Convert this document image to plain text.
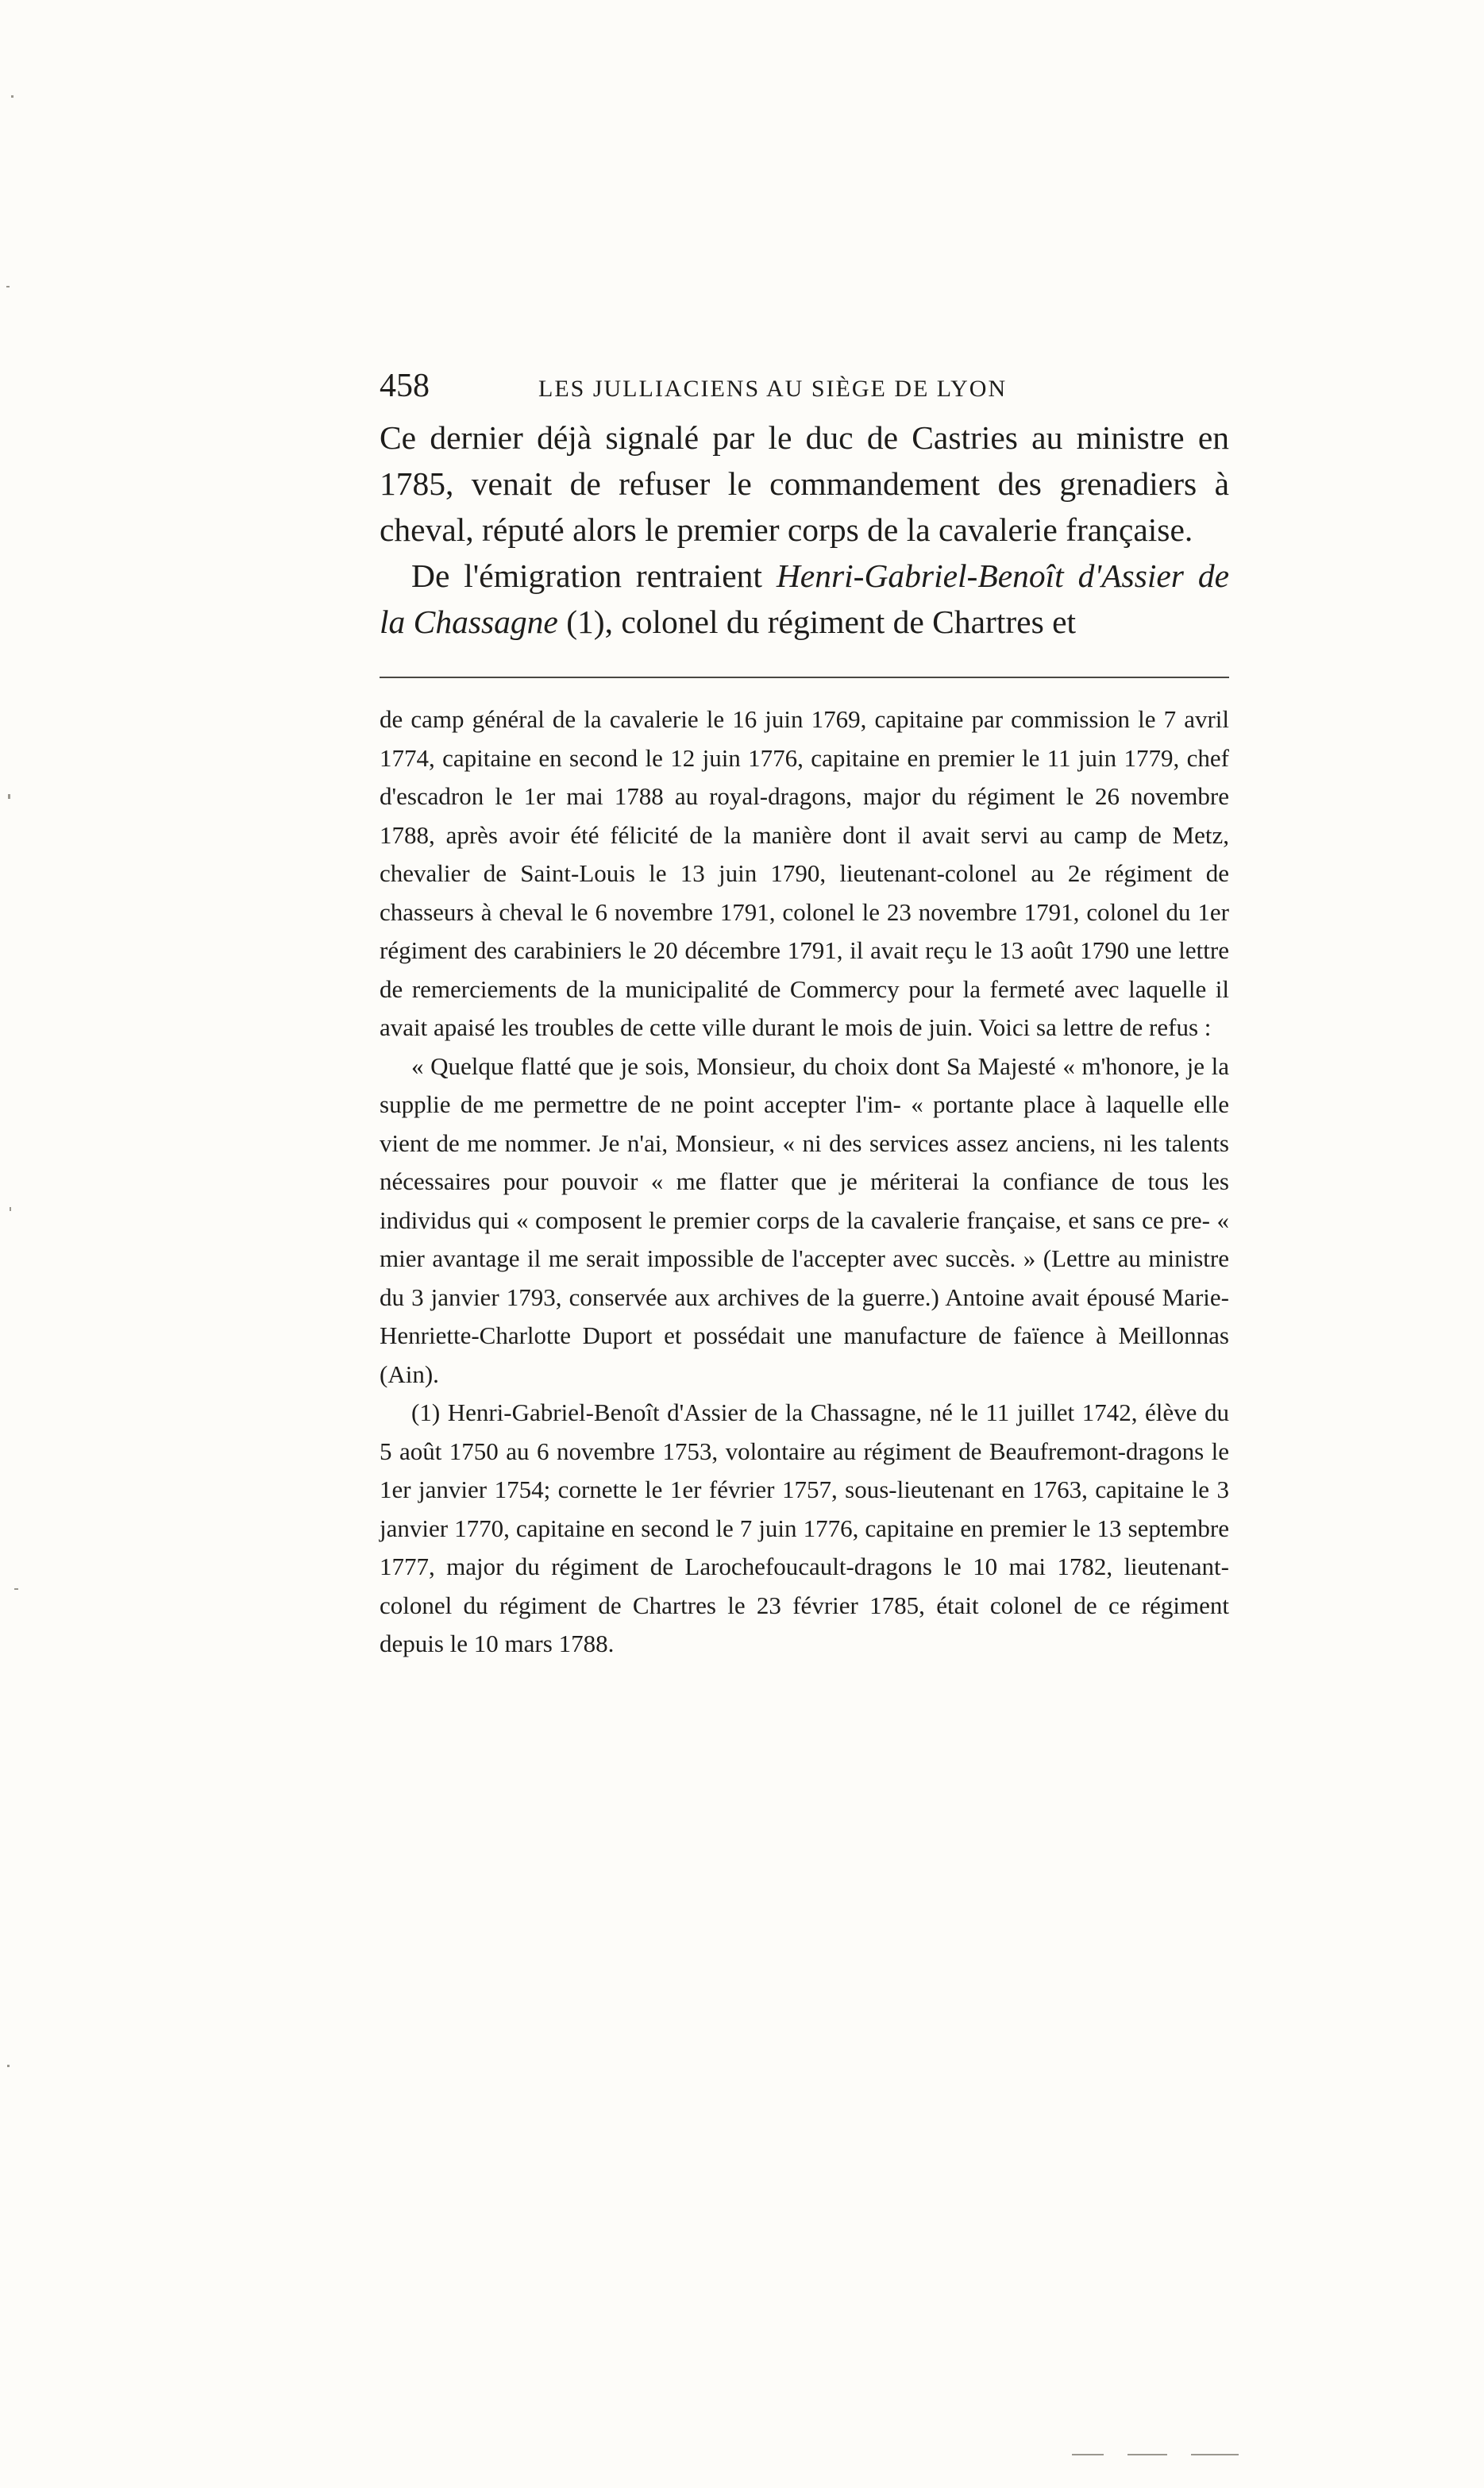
458	LES JULLIACIENS AU SIÈGE DE LYON

Ce dernier déjà signalé par le duc de Castries au ministre en 1785, venait de refuser le commandement des grenadiers à cheval, réputé alors le premier corps de la cavalerie française.

De l'émigration rentraient Henri-Gabriel-Benoît d'Assier de la Chassagne (1), colonel du régiment de Chartres et

de camp général de la cavalerie le 16 juin 1769, capitaine par commission le 7 avril 1774, capitaine en second le 12 juin 1776, capitaine en premier le 11 juin 1779, chef d'escadron le 1er mai 1788 au royal-dragons, major du régiment le 26 novembre 1788, après avoir été félicité de la manière dont il avait servi au camp de Metz, chevalier de Saint-Louis le 13 juin 1790, lieutenant-colonel au 2e régiment de chasseurs à cheval le 6 novembre 1791, colonel le 23 novembre 1791, colonel du 1er régiment des carabiniers le 20 décembre 1791, il avait reçu le 13 août 1790 une lettre de remerciements de la municipalité de Commercy pour la fermeté avec laquelle il avait apaisé les troubles de cette ville durant le mois de juin. Voici sa lettre de refus :

« Quelque flatté que je sois, Monsieur, du choix dont Sa Majesté « m'honore, je la supplie de me permettre de ne point accepter l'im- « portante place à laquelle elle vient de me nommer. Je n'ai, Monsieur, « ni des services assez anciens, ni les talents nécessaires pour pouvoir « me flatter que je mériterai la confiance de tous les individus qui « composent le premier corps de la cavalerie française, et sans ce pre- « mier avantage il me serait impossible de l'accepter avec succès. » (Lettre au ministre du 3 janvier 1793, conservée aux archives de la guerre.) Antoine avait épousé Marie-Henriette-Charlotte Duport et possédait une manufacture de faïence à Meillonnas (Ain).

(1) Henri-Gabriel-Benoît d'Assier de la Chassagne, né le 11 juillet 1742, élève du 5 août 1750 au 6 novembre 1753, volontaire au régiment de Beaufremont-dragons le 1er janvier 1754; cornette le 1er février 1757, sous-lieutenant en 1763, capitaine le 3 janvier 1770, capitaine en second le 7 juin 1776, capitaine en premier le 13 septembre 1777, major du régiment de Larochefoucault-dragons le 10 mai 1782, lieutenant-colonel du régiment de Chartres le 23 février 1785, était colonel de ce régiment depuis le 10 mars 1788.
